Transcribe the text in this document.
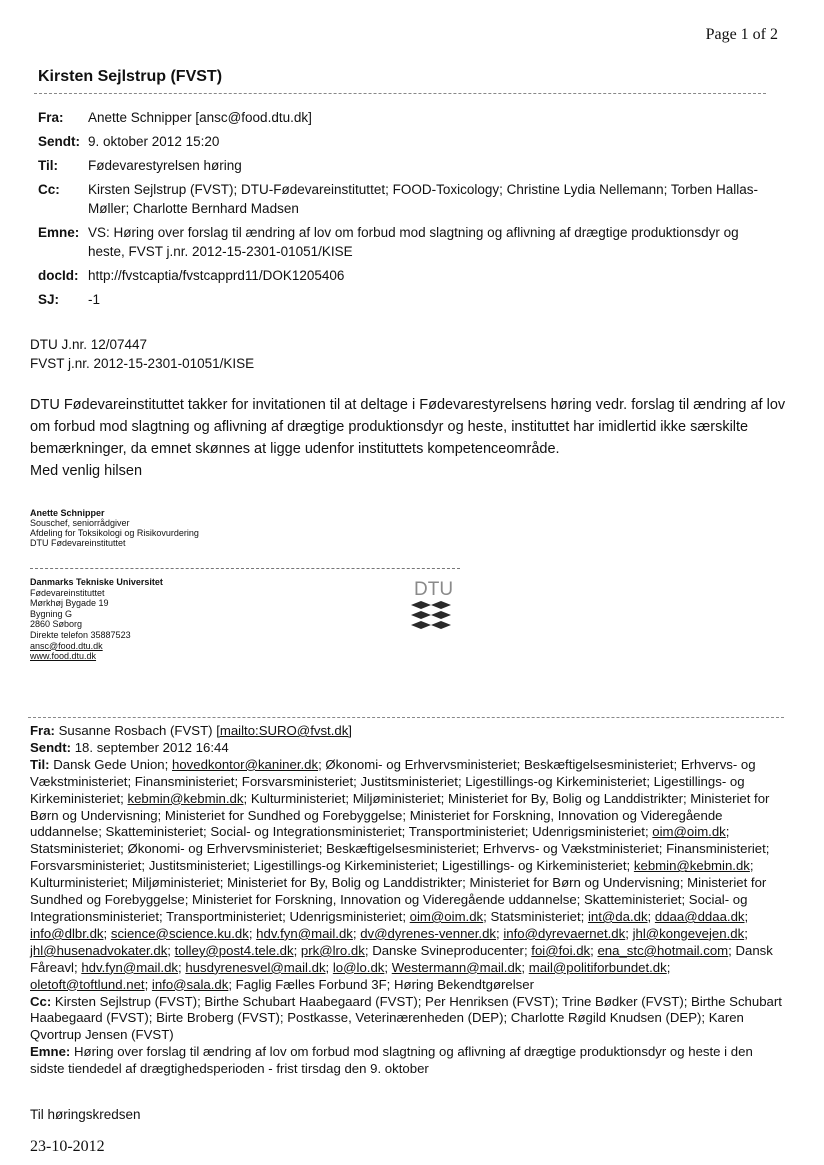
Page 1 of 2
Kirsten Sejlstrup (FVST)
Fra:	Anette Schnipper [ansc@food.dtu.dk]
Sendt:	9. oktober 2012 15:20
Til:	Fødevarestyrelsen høring
Cc:	Kirsten Sejlstrup (FVST); DTU-Fødevareinstituttet; FOOD-Toxicology; Christine Lydia Nellemann; Torben Hallas-Møller; Charlotte Bernhard Madsen
Emne:	VS: Høring over forslag til ændring af lov om forbud mod slagtning og aflivning af drægtige produktionsdyr og heste, FVST j.nr. 2012-15-2301-01051/KISE
docId:	http://fvstcaptia/fvstcapprd11/DOK1205406
SJ:	-1
DTU J.nr. 12/07447
FVST j.nr. 2012-15-2301-01051/KISE
DTU Fødevareinstituttet takker for invitationen til at deltage i Fødevarestyrelsens høring vedr. forslag til ændring af lov om forbud mod slagtning og aflivning af drægtige produktionsdyr og heste, instituttet har imidlertid ikke særskilte bemærkninger, da emnet skønnes at ligge udenfor instituttets kompetenceområde.
Med venlig hilsen
Anette Schnipper
Souschef, seniorrådgiver
Afdeling for Toksikologi og Risikovurdering
DTU Fødevareinstituttet
Danmarks Tekniske Universitet
Fødevareinstituttet
Mørkhøj Bygade 19
Bygning G
2860 Søborg
Direkte telefon 35887523
ansc@food.dtu.dk
www.food.dtu.dk
DTU

Fra: Susanne Rosbach (FVST) [mailto:SURO@fvst.dk]

Sendt: 18. september 2012 16:44

Til: Dansk Gede Union; hovedkontor@kaniner.dk; Økonomi- og Erhvervsministeriet; Beskæftigelsesministeriet; Erhvervs- og Vækstministeriet; Finansministeriet; Forsvarsministeriet; Justitsministeriet; Ligestillings-og Kirkeministeriet; Ligestillings- og Kirkeministeriet; kebmin@kebmin.dk; Kulturministeriet; Miljøministeriet; Ministeriet for By, Bolig og Landdistrikter; Ministeriet for Børn og Undervisning; Ministeriet for Sundhed og Forebyggelse; Ministeriet for Forskning, Innovation og Videregående uddannelse; Skatteministeriet; Social- og Integrationsministeriet; Transportministeriet; Udenrigsministeriet; oim@oim.dk; Statsministeriet; Økonomi- og Erhvervsministeriet; Beskæftigelsesministeriet; Erhvervs- og Vækstministeriet; Finansministeriet; Forsvarsministeriet; Justitsministeriet; Ligestillings-og Kirkeministeriet; Ligestillings- og Kirkeministeriet; kebmin@kebmin.dk; Kulturministeriet; Miljøministeriet; Ministeriet for By, Bolig og Landdistrikter; Ministeriet for Børn og Undervisning; Ministeriet for Sundhed og Forebyggelse; Ministeriet for Forskning, Innovation og Videregående uddannelse; Skatteministeriet; Social- og Integrationsministeriet; Transportministeriet; Udenrigsministeriet; oim@oim.dk; Statsministeriet; int@da.dk; ddaa@ddaa.dk; info@dlbr.dk; science@science.ku.dk; hdv.fyn@mail.dk; dv@dyrenes-venner.dk; info@dyrevaernet.dk; jhl@kongevejen.dk; jhl@husenadvokater.dk; tolley@post4.tele.dk; prk@lro.dk; Danske Svineproducenter; foi@foi.dk; ena_stc@hotmail.com; Dansk Fåreavl; hdv.fyn@mail.dk; husdyrenesvel@mail.dk; lo@lo.dk; Westermann@mail.dk; mail@politiforbundet.dk; oletoft@toftlund.net; info@sala.dk; Faglig Fælles Forbund 3F; Høring Bekendtgørelser

Cc: Kirsten Sejlstrup (FVST); Birthe Schubart Haabegaard (FVST); Per Henriksen (FVST); Trine Bødker (FVST); Birthe Schubart Haabegaard (FVST); Birte Broberg (FVST); Postkasse, Veterinærenheden (DEP); Charlotte Røgild Knudsen (DEP); Karen Qvortrup Jensen (FVST)

Emne: Høring over forslag til ændring af lov om forbud mod slagtning og aflivning af drægtige produktionsdyr og heste i den sidste tiendedel af drægtighedsperioden - frist tirsdag den 9. oktober

Til høringskredsen
23-10-2012
